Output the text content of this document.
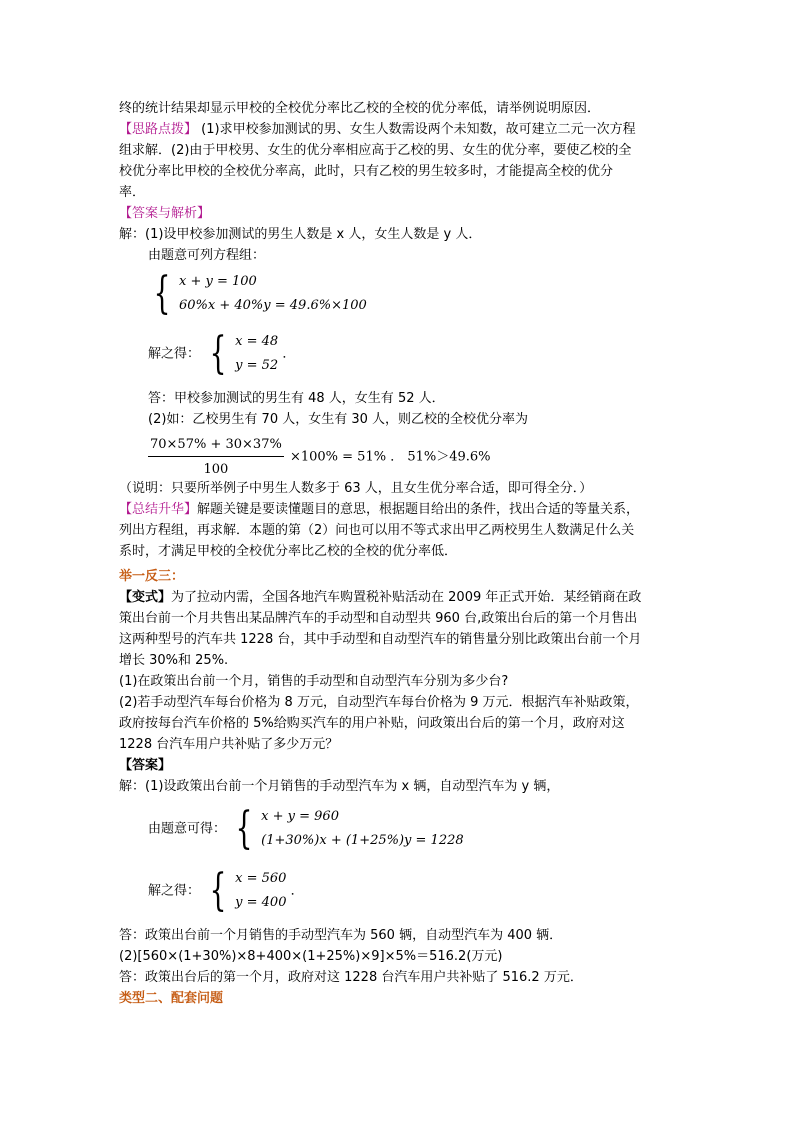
终的统计结果却显示甲校的全校优分率比乙校的全校的优分率低，请举例说明原因．
【思路点拨】 (1)求甲校参加测试的男、女生人数需设两个未知数，故可建立二元一次方程
组求解．(2)由于甲校男、女生的优分率相应高于乙校的男、女生的优分率，要使乙校的全
校优分率比甲校的全校优分率高，此时，只有乙校的男生较多时，才能提高全校的优分
率．
【答案与解析】
解：(1)设甲校参加测试的男生人数是 x 人，女生人数是 y 人．
由题意可列方程组：
{ x + y = 100
60%x + 40%y = 49.6%×100
解之得： { x = 48
y = 52
．
答：甲校参加测试的男生有 48 人，女生有 52 人．
(2)如：乙校男生有 70 人，女生有 30 人，则乙校的全校优分率为
$\frac{70\times 57\% + 30\times 37\%}{100} \times 100\% = 51\%$ ． 51%＞49.6%
（说明：只要所举例子中男生人数多于 63 人，且女生优分率合适，即可得全分．）
【总结升华】解题关键是要读懂题目的意思，根据题目给出的条件，找出合适的等量关系，
列出方程组，再求解．本题的第（2）问也可以用不等式求出甲乙两校男生人数满足什么关
系时，才满足甲校的全校优分率比乙校的全校的优分率低．
举一反三：
【变式】为了拉动内需，全国各地汽车购置税补贴活动在 2009 年正式开始．某经销商在政
策出台前一个月共售出某品牌汽车的手动型和自动型共 960 台,政策出台后的第一个月售出
这两种型号的汽车共 1228 台，其中手动型和自动型汽车的销售量分别比政策出台前一个月
增长 30%和 25%.
(1)在政策出台前一个月，销售的手动型和自动型汽车分别为多少台?
(2)若手动型汽车每台价格为 8 万元，自动型汽车每台价格为 9 万元．根据汽车补贴政策，
政府按每台汽车价格的 5%给购买汽车的用户补贴，问政策出台后的第一个月，政府对这
1228 台汽车用户共补贴了多少万元？
【答案】
解：(1)设政策出台前一个月销售的手动型汽车为 x 辆，自动型汽车为 y 辆，
由题意可得： { x + y = 960
(1+30%)x + (1+25%)y = 1228
解之得： { x = 560
y = 400
．
答：政策出台前一个月销售的手动型汽车为 560 辆，自动型汽车为 400 辆．
(2)[560×(1+30%)×8+400×(1+25%)×9]×5%＝516.2(万元)
答：政策出台后的第一个月，政府对这 1228 台汽车用户共补贴了 516.2 万元．
类型二、配套问题
